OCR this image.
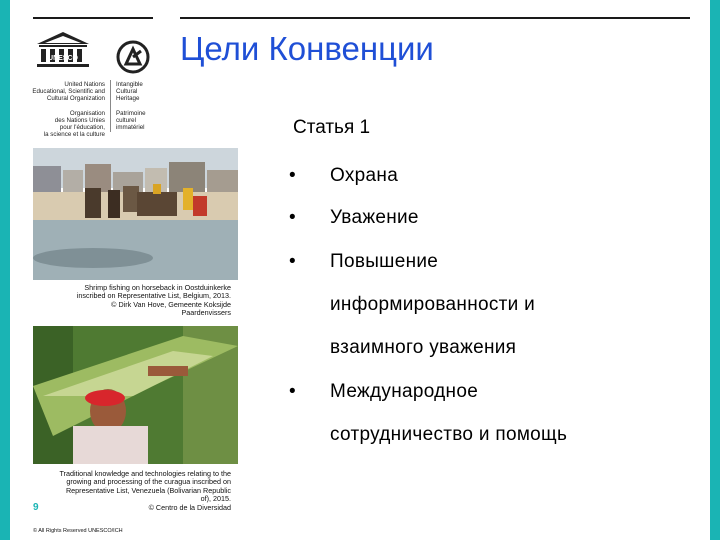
UNESCO
United Nations
Educational, Scientific and
Cultural Organization

Organisation
des Nations Unies
pour l'éducation,
la science et la culture
Intangible
Cultural
Heritage

Patrimoine
culturel
immatériel
Цели Конвенции
Статья 1
• Охрана
• Уважение
• Повышение
информированности и
взаимного уважения
• Международное
сотрудничество и помощь
Shrimp fishing on horseback in Oostduinkerke
inscribed on Representative List, Belgium, 2013.
© Dirk Van Hove, Gemeente Koksijde
Paardenvissers
Traditional knowledge and technologies relating to the
growing and processing of the curagua inscribed on
Representative List, Venezuela (Bolivarian Republic
of), 2015.
© Centro de la Diversidad
9
© All Rights Reserved UNESCO/ICH
